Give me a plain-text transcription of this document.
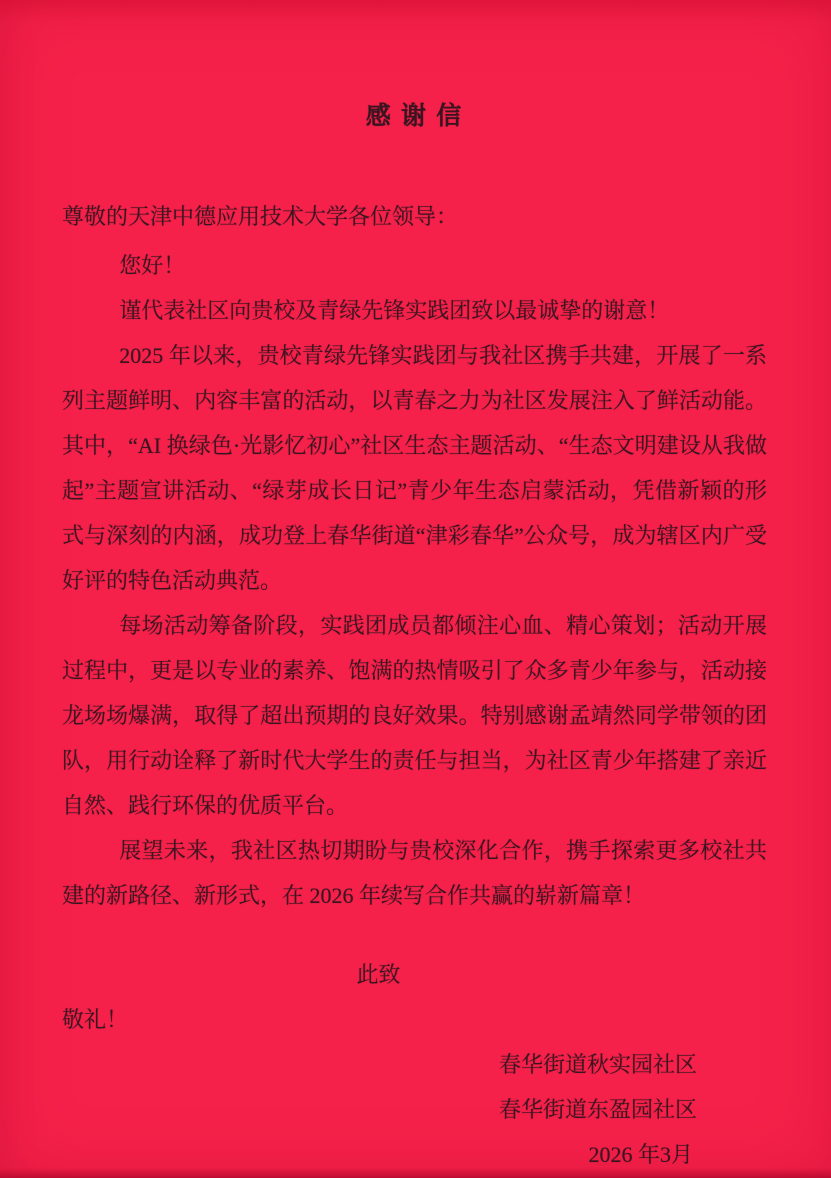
感 谢 信
尊敬的天津中德应用技术大学各位领导：
您好！
谨代表社区向贵校及青绿先锋实践团致以最诚挚的谢意！

2025 年以来，贵校青绿先锋实践团与我社区携手共建，开展了一系列主题鲜明、内容丰富的活动，以青春之力为社区发展注入了鲜活动能。其中，“AI 换绿色·光影忆初心”社区生态主题活动、“生态文明建设从我做起”主题宣讲活动、“绿芽成长日记”青少年生态启蒙活动，凭借新颖的形式与深刻的内涵，成功登上春华街道“津彩春华”公众号，成为辖区内广受好评的特色活动典范。

每场活动筹备阶段，实践团成员都倾注心血、精心策划；活动开展过程中，更是以专业的素养、饱满的热情吸引了众多青少年参与，活动接龙场场爆满，取得了超出预期的良好效果。特别感谢孟靖然同学带领的团队，用行动诠释了新时代大学生的责任与担当，为社区青少年搭建了亲近自然、践行环保的优质平台。

展望未来，我社区热切期盼与贵校深化合作，携手探索更多校社共建的新路径、新形式，在 2026 年续写合作共赢的崭新篇章！

此致
敬礼！
春华街道秋实园社区
春华街道东盈园社区
2026 年3月
